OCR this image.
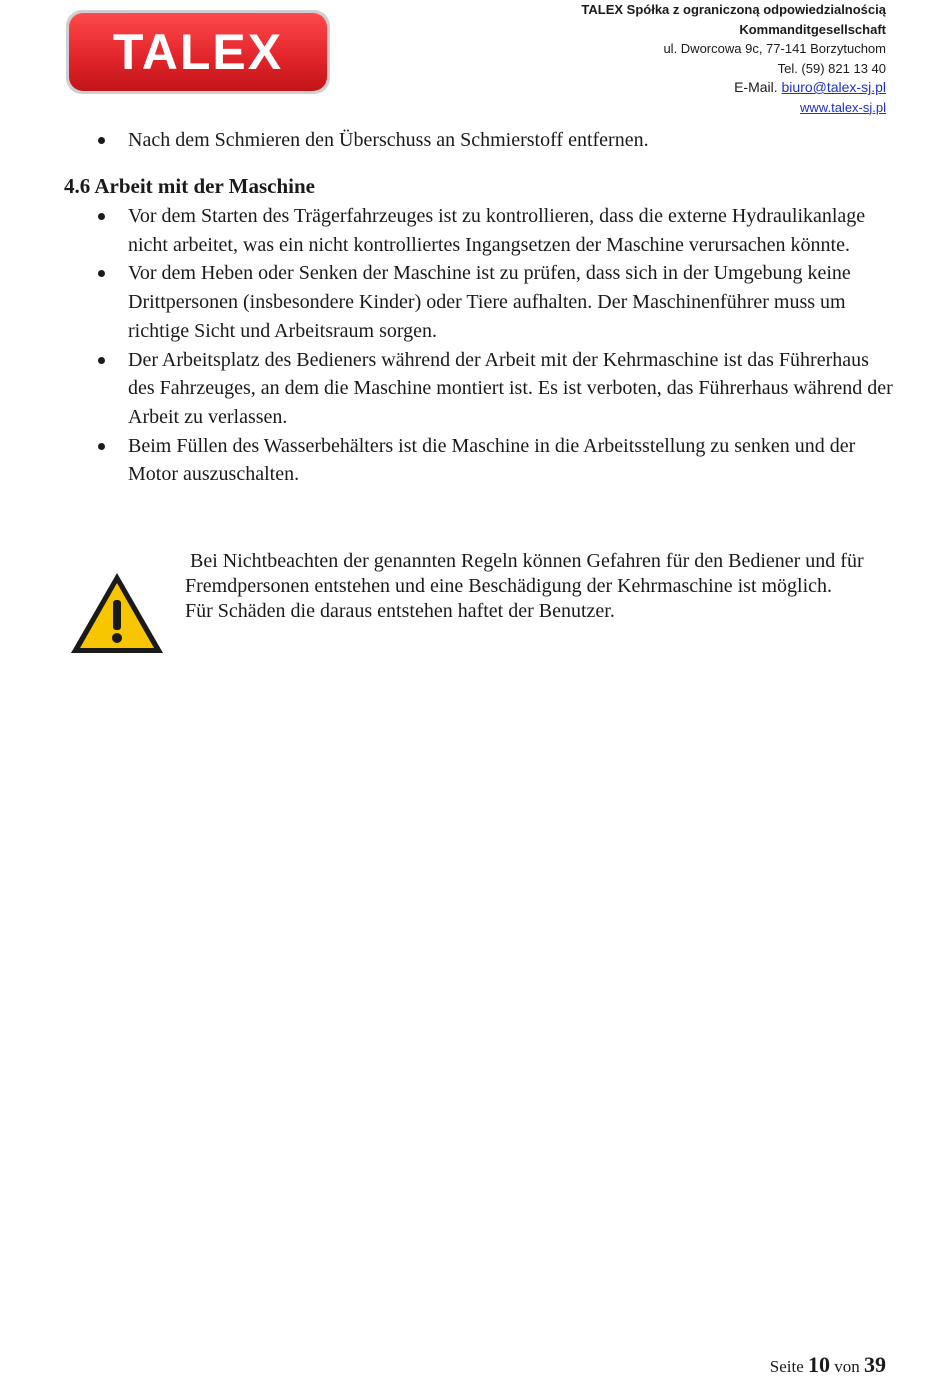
TALEX
TALEX Spółka z ograniczoną odpowiedzialnością
Kommanditgesellschaft
ul. Dworcowa 9c, 77-141 Borzytuchom
Tel. (59) 821 13 40
E-Mail. biuro@talex-sj.pl
www.talex-sj.pl
Nach dem Schmieren den Überschuss an Schmierstoff entfernen.
4.6 Arbeit mit der Maschine
Vor dem Starten des Trägerfahrzeuges ist zu kontrollieren, dass die externe Hydraulikanlage nicht arbeitet, was ein nicht kontrolliertes Ingangsetzen der Maschine verursachen könnte.
Vor dem Heben oder Senken der Maschine ist zu prüfen, dass sich in der Umgebung keine Drittpersonen (insbesondere Kinder) oder Tiere aufhalten. Der Maschinenführer muss um richtige Sicht und Arbeitsraum sorgen.
Der Arbeitsplatz des Bedieners während der Arbeit mit der Kehrmaschine ist das Führerhaus des Fahrzeuges, an dem die Maschine montiert ist. Es ist verboten, das Führerhaus während der Arbeit zu verlassen.
Beim Füllen des Wasserbehälters ist die Maschine in die Arbeitsstellung zu senken und der Motor auszuschalten.
Bei Nichtbeachten der genannten Regeln können Gefahren für den Bediener und für Fremdpersonen entstehen und eine Beschädigung der Kehrmaschine ist möglich.
Für Schäden die daraus entstehen haftet der Benutzer.
Seite 10 von 39
